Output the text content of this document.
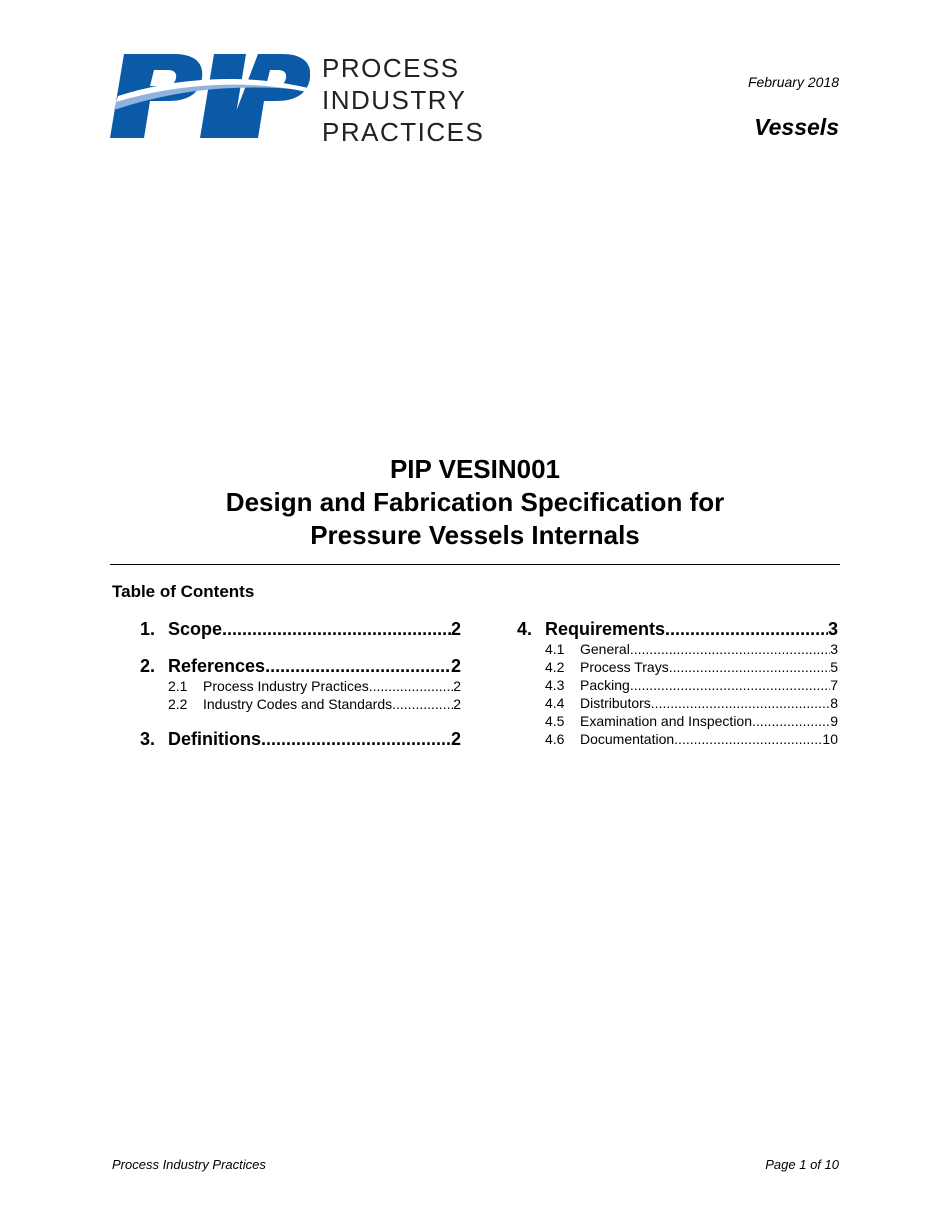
PROCESS
INDUSTRY
PRACTICES
February 2018
Vessels
PIP VESIN001
Design and Fabrication Specification for
Pressure Vessels Internals
Table of Contents
1. Scope .....	2
2. References .....	2
2.1	Process Industry Practices .....	2
2.2	Industry Codes and Standards .....	2
3. Definitions .....	2
4. Requirements .....	3
4.1	General .....	3
4.2	Process Trays .....	5
4.3	Packing .....	7
4.4	Distributors .....	8
4.5	Examination and Inspection .....	9
4.6	Documentation .....	10
Process Industry Practices	Page 1 of 10
